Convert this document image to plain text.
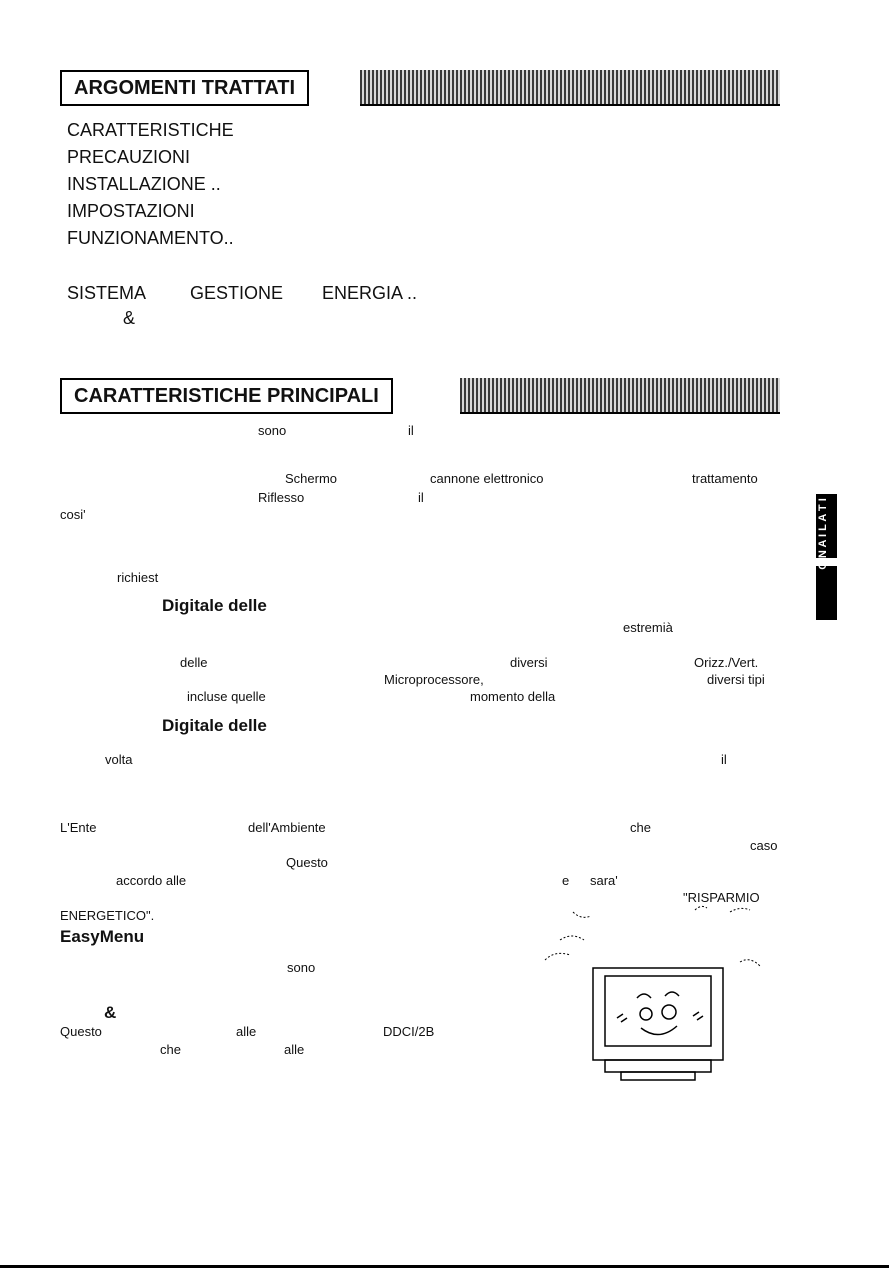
ARGOMENTI TRATTATI
CARATTERISTICHE
PRECAUZIONI
INSTALLAZIONE ..
IMPOSTAZIONI
FUNZIONAMENTO..
SISTEMA GESTIONE ENERGIA ..
&
CARATTERISTICHE PRINCIPALI
sono	il
Schermo	cannone elettronico	trattamento
Riflesso	il
cosi'
richiest
Digitale delle
estremià
delle	diversi	Orizz./Vert.
Microprocessore,	diversi tipi
incluse quelle	momento della
Digitale delle
volta	il
L'Ente	dell'Ambiente	che
caso
Questo
accordo alle	e sara'
"RISPARMIO
ENERGETICO".
EasyMenu
sono
&
Questo	alle	DDCI/2B
che	alle
O N A I L A T I
